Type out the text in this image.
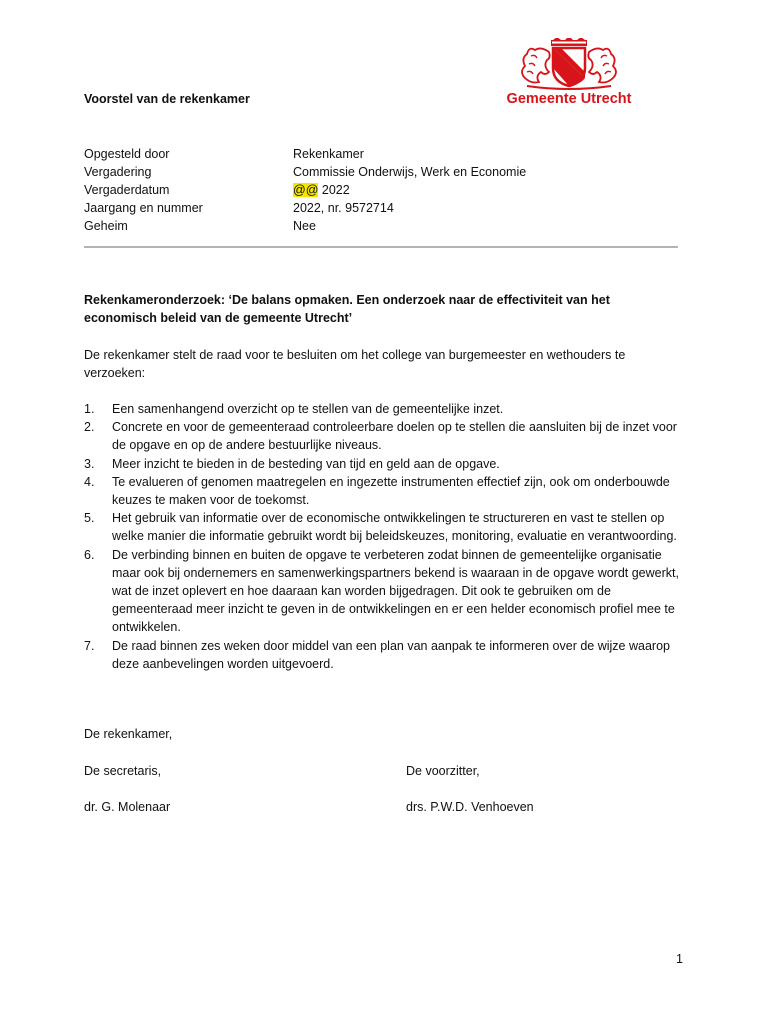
Gemeente Utrecht
Voorstel van de rekenkamer
Opgesteld door	Rekenkamer
Vergadering	Commissie Onderwijs, Werk en Economie
Vergaderdatum	@@ 2022
Jaargang en nummer	2022, nr. 9572714
Geheim	Nee
Rekenkameronderzoek: ‘De balans opmaken. Een onderzoek naar de effectiviteit van het economisch beleid van de gemeente Utrecht’
De rekenkamer stelt de raad voor te besluiten om het college van burgemeester en wethouders te verzoeken:
1. Een samenhangend overzicht op te stellen van de gemeentelijke inzet.
2. Concrete en voor de gemeenteraad controleerbare doelen op te stellen die aansluiten bij de inzet voor de opgave en op de andere bestuurlijke niveaus.
3. Meer inzicht te bieden in de besteding van tijd en geld aan de opgave.
4. Te evalueren of genomen maatregelen en ingezette instrumenten effectief zijn, ook om onderbouwde keuzes te maken voor de toekomst.
5. Het gebruik van informatie over de economische ontwikkelingen te structureren en vast te stellen op welke manier die informatie gebruikt wordt bij beleidskeuzes, monitoring, evaluatie en verantwoording.
6. De verbinding binnen en buiten de opgave te verbeteren zodat binnen de gemeentelijke organisatie maar ook bij ondernemers en samenwerkingspartners bekend is waaraan in de opgave wordt gewerkt, wat de inzet oplevert en hoe daaraan kan worden bijgedragen. Dit ook te gebruiken om de gemeenteraad meer inzicht te geven in de ontwikkelingen en er een helder economisch profiel mee te ontwikkelen.
7. De raad binnen zes weken door middel van een plan van aanpak te informeren over de wijze waarop deze aanbevelingen worden uitgevoerd.
De rekenkamer,
De secretaris,	De voorzitter,
dr. G. Molenaar	drs. P.W.D. Venhoeven
1
